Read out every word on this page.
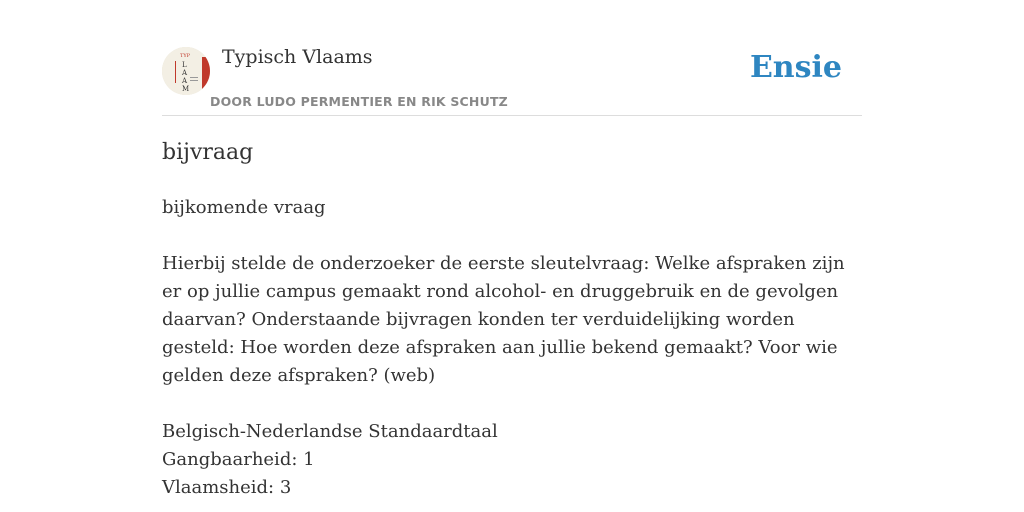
TYP
L
A
A
M
Typisch Vlaams
DOOR LUDO PERMENTIER EN RIK SCHUTZ
Ensie
bijvraag
bijkomende vraag
Hierbij stelde de onderzoeker de eerste sleutelvraag: Welke afspraken zijn er op jullie campus gemaakt rond alcohol- en druggebruik en de gevolgen daarvan? Onderstaande bijvragen konden ter verduidelijking worden gesteld: Hoe worden deze afspraken aan jullie bekend gemaakt? Voor wie gelden deze afspraken? (web)
Belgisch-Nederlandse Standaardtaal
Gangbaarheid: 1
Vlaamsheid: 3
